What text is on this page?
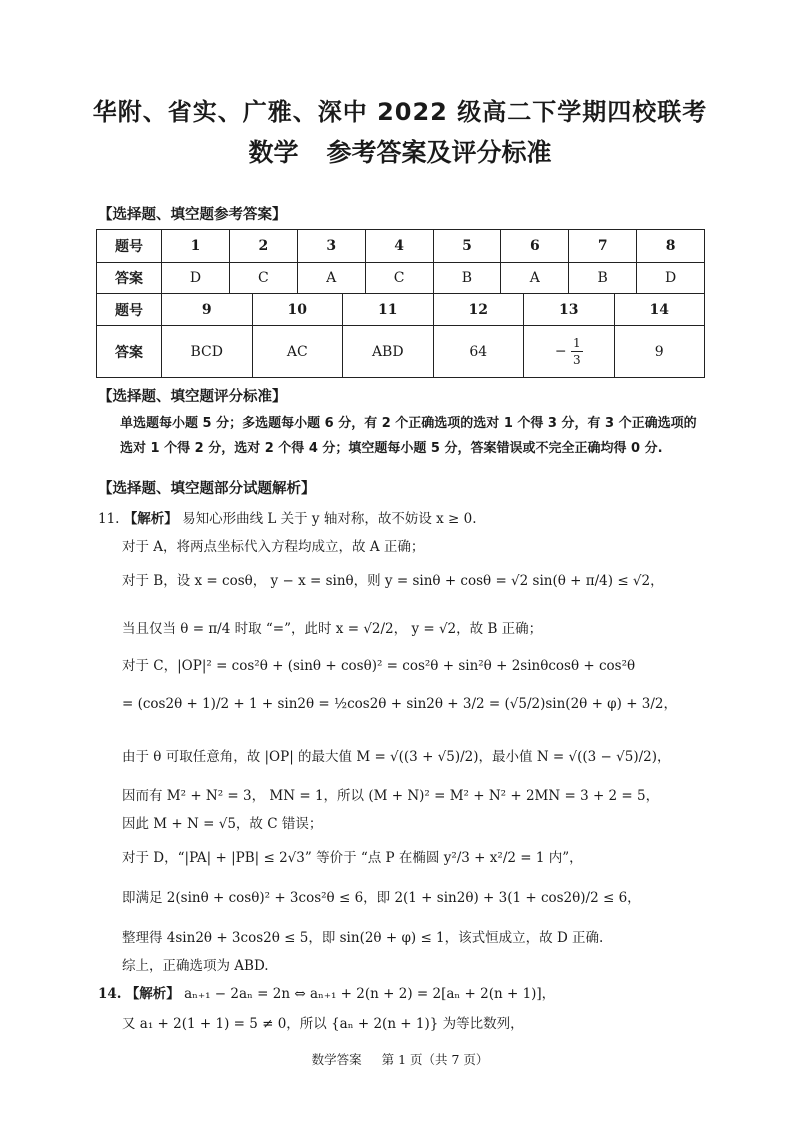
华附、省实、广雅、深中 2022 级高二下学期四校联考
数学 参考答案及评分标准
【选择题、填空题参考答案】
题号	1	2	3	4	5	6	7	8
答案	D	C	A	C	B	A	B	D
题号	9	10	11	12	13	14
答案	BCD	AC	ABD	64	− $\frac{1}{3}$	9
【选择题、填空题评分标准】
单选题每小题 5 分；多选题每小题 6 分，有 2 个正确选项的选对 1 个得 3 分，有 3 个正确选项的选对 1 个得 2 分，选对 2 个得 4 分；填空题每小题 5 分，答案错误或不完全正确均得 0 分.
【选择题、填空题部分试题解析】
11. 【解析】 易知心形曲线 L 关于 y 轴对称，故不妨设 x ≥ 0.
对于 A，将两点坐标代入方程均成立，故 A 正确；
对于 B，设 x = cosθ， y − x = sinθ，则 y = sinθ + cosθ = √2 sin(θ + π/4) ≤ √2，
当且仅当 θ = π/4 时取 “=”，此时 x = √2/2， y = √2，故 B 正确；
对于 C，|OP|² = cos²θ + (sinθ + cosθ)² = cos²θ + sin²θ + 2sinθcosθ + cos²θ
= (cos2θ + 1)/2 + 1 + sin2θ = ½cos2θ + sin2θ + 3/2 = (√5/2)sin(2θ + φ) + 3/2，
由于 θ 可取任意角，故 |OP| 的最大值 M = √((3 + √5)/2)，最小值 N = √((3 − √5)/2)，
因而有 M² + N² = 3， MN = 1，所以 (M + N)² = M² + N² + 2MN = 3 + 2 = 5，
因此 M + N = √5，故 C 错误；
对于 D，“|PA| + |PB| ≤ 2√3” 等价于 “点 P 在椭圆 y²/3 + x²/2 = 1 内”，
即满足 2(sinθ + cosθ)² + 3cos²θ ≤ 6，即 2(1 + sin2θ) + 3(1 + cos2θ)/2 ≤ 6，
整理得 4sin2θ + 3cos2θ ≤ 5，即 sin(2θ + φ) ≤ 1，该式恒成立，故 D 正确.
综上，正确选项为 ABD.
14. 【解析】 aₙ₊₁ − 2aₙ = 2n ⇔ aₙ₊₁ + 2(n + 2) = 2[aₙ + 2(n + 1)]，
又 a₁ + 2(1 + 1) = 5 ≠ 0，所以 {aₙ + 2(n + 1)} 为等比数列，
数学答案 第 1 页（共 7 页）
